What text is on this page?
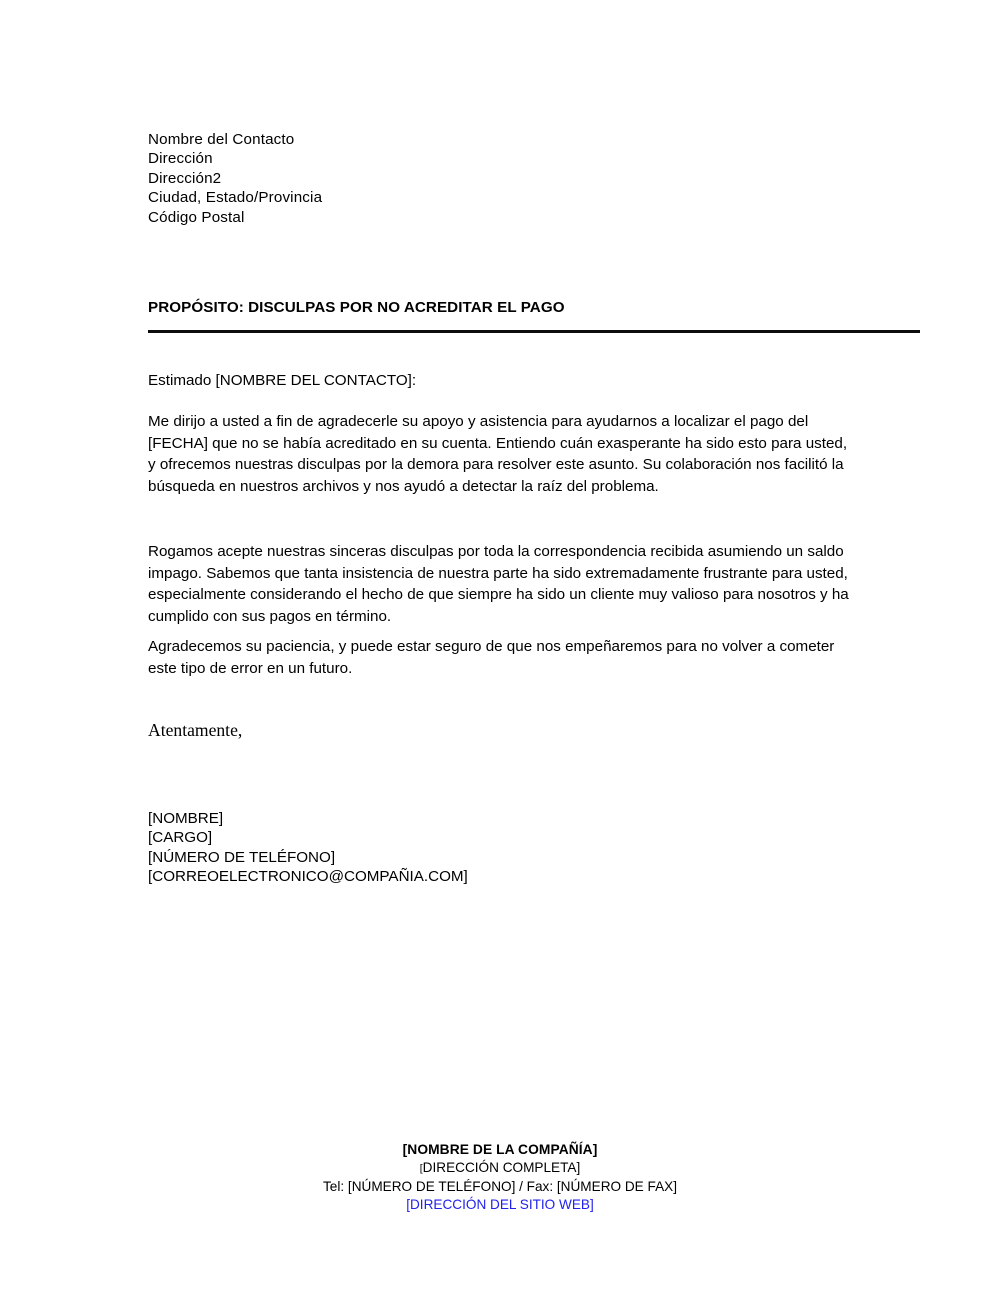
Nombre del Contacto
Dirección
Dirección2
Ciudad, Estado/Provincia
Código Postal
PROPÓSITO: DISCULPAS POR NO ACREDITAR EL PAGO
Estimado [NOMBRE DEL CONTACTO]:
Me dirijo a usted a fin de agradecerle su apoyo y asistencia para ayudarnos a localizar el pago del [FECHA] que no se había acreditado en su cuenta. Entiendo cuán exasperante ha sido esto para usted, y ofrecemos nuestras disculpas por la demora para resolver este asunto. Su colaboración nos facilitó la búsqueda en nuestros archivos y nos ayudó a detectar la raíz del problema.
Rogamos acepte nuestras sinceras disculpas por toda la correspondencia recibida asumiendo un saldo impago. Sabemos que tanta insistencia de nuestra parte ha sido extremadamente frustrante para usted, especialmente considerando el hecho de que siempre ha sido un cliente muy valioso para nosotros y ha cumplido con sus pagos en término.
Agradecemos su paciencia, y puede estar seguro de que nos empeñaremos para no volver a cometer este tipo de error en un futuro.
Atentamente,
[NOMBRE]
[CARGO]
[NÚMERO DE TELÉFONO]
[CORREOELECTRONICO@COMPAÑIA.COM]
[NOMBRE DE LA COMPAÑÍA]
[DIRECCIÓN COMPLETA]
Tel: [NÚMERO DE TELÉFONO] / Fax: [NÚMERO DE FAX]
[DIRECCIÓN DEL SITIO WEB]
